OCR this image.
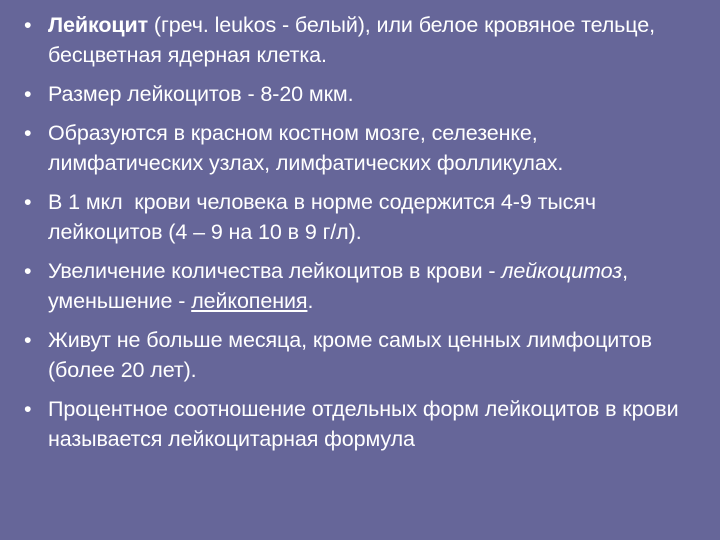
• Лейкоцит (греч. leukos - белый), или белое кровяное тельце, бесцветная ядерная клетка.
• Размер лейкоцитов - 8-20 мкм.
• Образуются в красном костном мозге, селезенке, лимфатических узлах, лимфатических фолликулах.
• В 1 мкл  крови человека в норме содержится 4-9 тысяч лейкоцитов (4 – 9 на 10 в 9 г/л).
• Увеличение количества лейкоцитов в крови - лейкоцитоз, уменьшение - лейкопения.
• Живут не больше месяца, кроме самых ценных лимфоцитов (более 20 лет).
• Процентное соотношение отдельных форм лейкоцитов в крови называется лейкоцитарная формула
